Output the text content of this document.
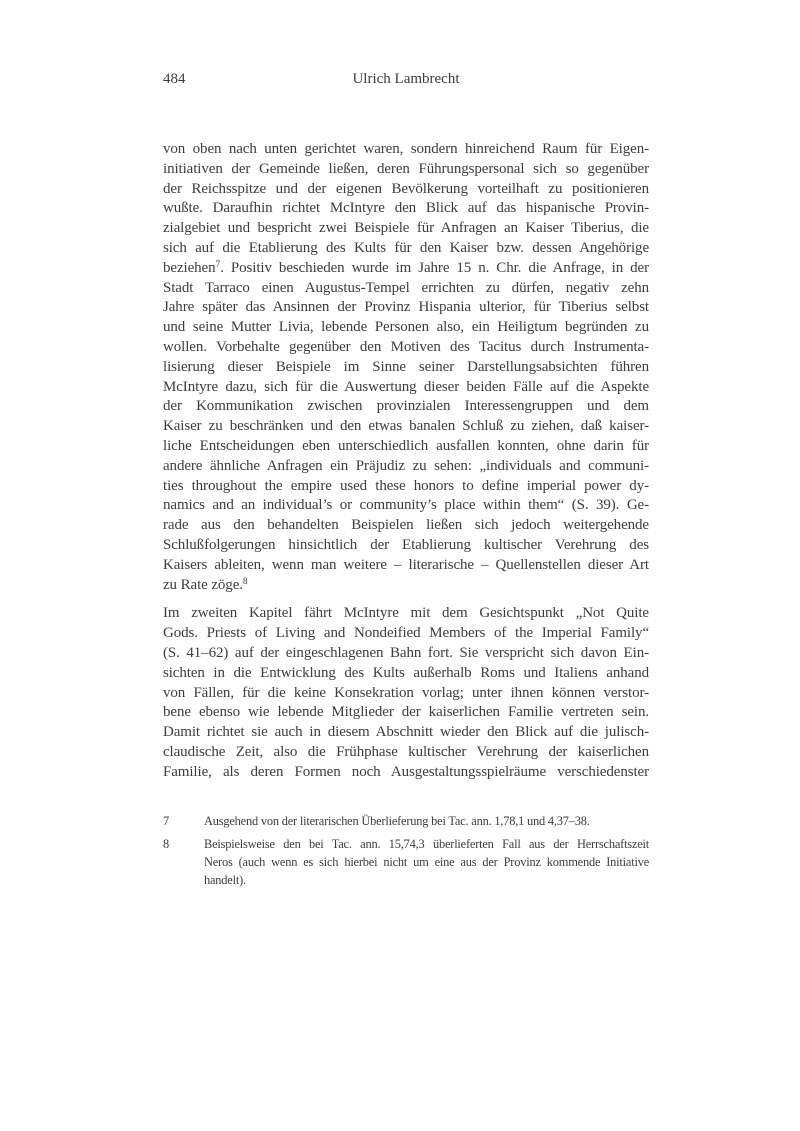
484	Ulrich Lambrecht
von oben nach unten gerichtet waren, sondern hinreichend Raum für Eigen-
initiativen der Gemeinde ließen, deren Führungspersonal sich so gegenüber
der Reichsspitze und der eigenen Bevölkerung vorteilhaft zu positionieren
wußte. Daraufhin richtet McIntyre den Blick auf das hispanische Provin-
zialgebiet und bespricht zwei Beispiele für Anfragen an Kaiser Tiberius, die
sich auf die Etablierung des Kults für den Kaiser bzw. dessen Angehörige
beziehen$^7$. Positiv beschieden wurde im Jahre 15 n. Chr. die Anfrage, in der
Stadt Tarraco einen Augustus-Tempel errichten zu dürfen, negativ zehn
Jahre später das Ansinnen der Provinz Hispania ulterior, für Tiberius selbst
und seine Mutter Livia, lebende Personen also, ein Heiligtum begründen zu
wollen. Vorbehalte gegenüber den Motiven des Tacitus durch Instrumenta-
lisierung dieser Beispiele im Sinne seiner Darstellungsabsichten führen
McIntyre dazu, sich für die Auswertung dieser beiden Fälle auf die Aspekte
der Kommunikation zwischen provinzialen Interessengruppen und dem
Kaiser zu beschränken und den etwas banalen Schluß zu ziehen, daß kaiser-
liche Entscheidungen eben unterschiedlich ausfallen konnten, ohne darin für
andere ähnliche Anfragen ein Präjudiz zu sehen: „individuals and communi-
ties throughout the empire used these honors to define imperial power dy-
namics and an individual’s or community’s place within them“ (S. 39). Ge-
rade aus den behandelten Beispielen ließen sich jedoch weitergehende
Schlußfolgerungen hinsichtlich der Etablierung kultischer Verehrung des
Kaisers ableiten, wenn man weitere – literarische – Quellenstellen dieser Art
zu Rate zöge.$^8$
Im zweiten Kapitel fährt McIntyre mit dem Gesichtspunkt „Not Quite
Gods. Priests of Living and Nondeified Members of the Imperial Family“
(S. 41–62) auf der eingeschlagenen Bahn fort. Sie verspricht sich davon Ein-
sichten in die Entwicklung des Kults außerhalb Roms und Italiens anhand
von Fällen, für die keine Konsekration vorlag; unter ihnen können verstor-
bene ebenso wie lebende Mitglieder der kaiserlichen Familie vertreten sein.
Damit richtet sie auch in diesem Abschnitt wieder den Blick auf die julisch-
claudische Zeit, also die Frühphase kultischer Verehrung der kaiserlichen
Familie, als deren Formen noch Ausgestaltungsspielräume verschiedenster
7	Ausgehend von der literarischen Überlieferung bei Tac. ann. 1,78,1 und 4,37–38.
8	Beispielsweise den bei Tac. ann. 15,74,3 überlieferten Fall aus der Herrschaftszeit
Neros (auch wenn es sich hierbei nicht um eine aus der Provinz kommende Initiative
handelt).
